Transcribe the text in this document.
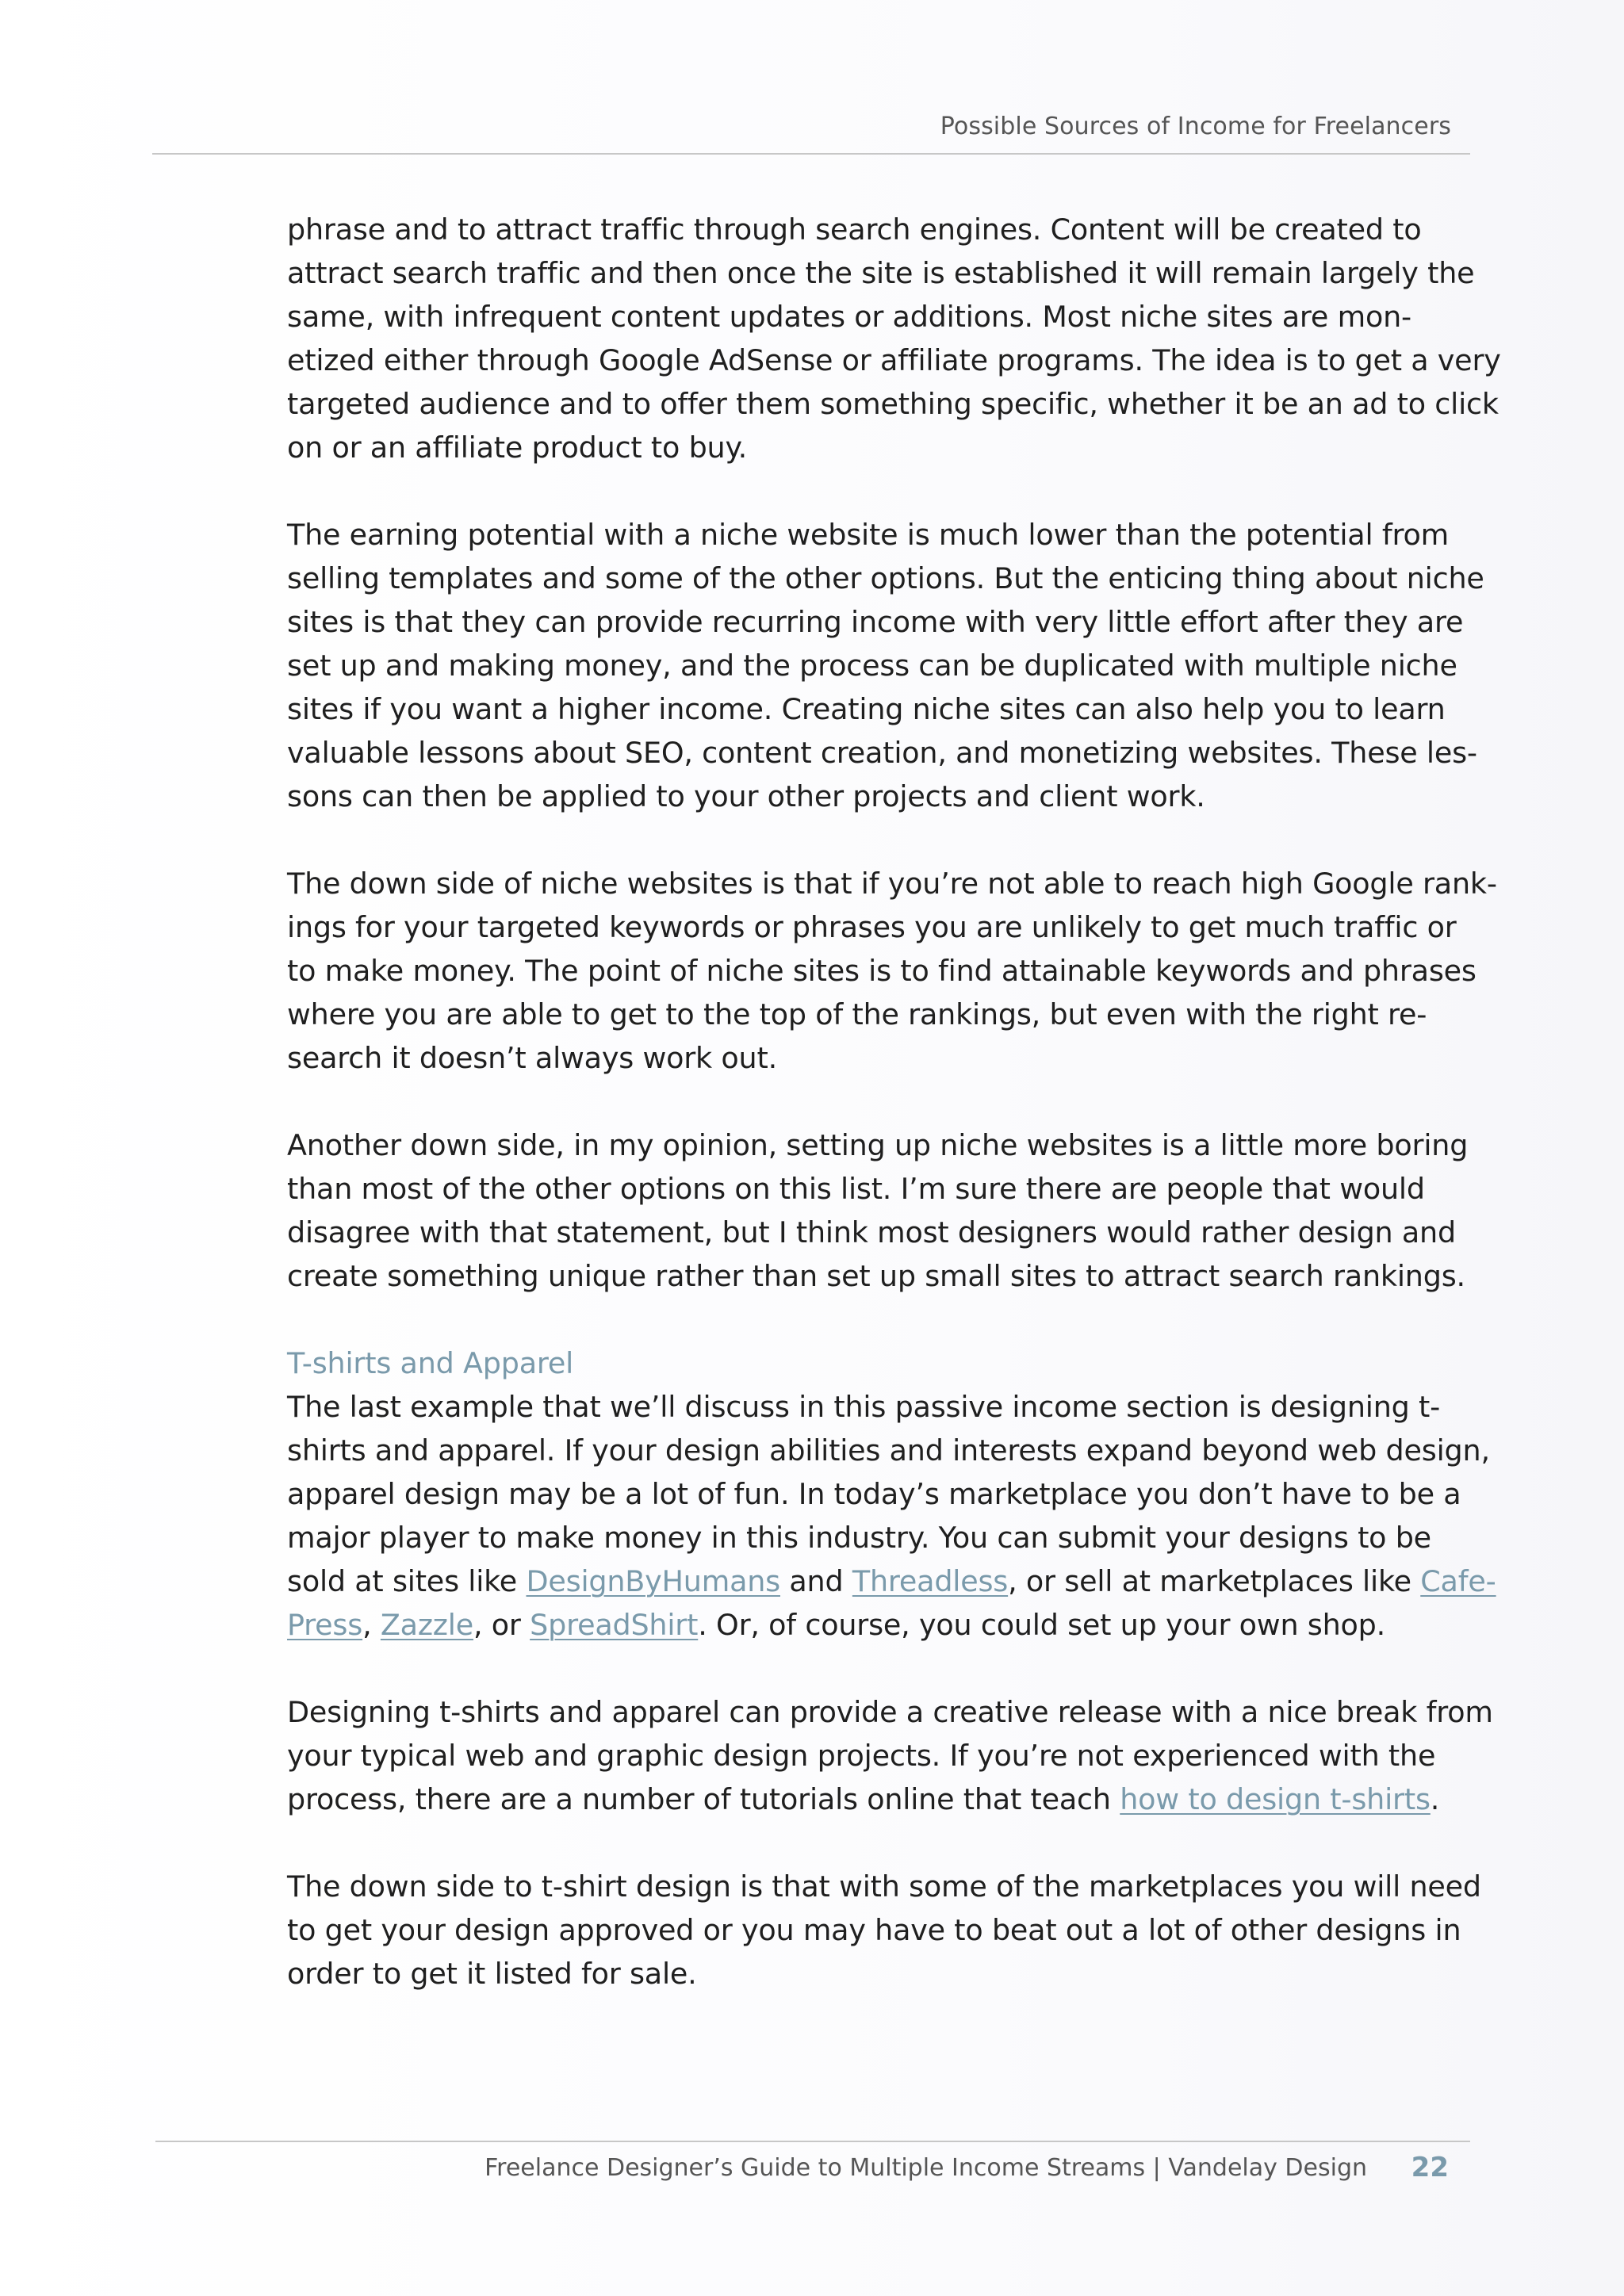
Possible Sources of Income for Freelancers
phrase and to attract traffic through search engines. Content will be created to
attract search traffic and then once the site is established it will remain largely the
same, with infrequent content updates or additions. Most niche sites are mon-
etized either through Google AdSense or affiliate programs. The idea is to get a very
targeted audience and to offer them something specific, whether it be an ad to click
on or an affiliate product to buy.
The earning potential with a niche website is much lower than the potential from
selling templates and some of the other options. But the enticing thing about niche
sites is that they can provide recurring income with very little effort after they are
set up and making money, and the process can be duplicated with multiple niche
sites if you want a higher income. Creating niche sites can also help you to learn
valuable lessons about SEO, content creation, and monetizing websites. These les-
sons can then be applied to your other projects and client work.
The down side of niche websites is that if you’re not able to reach high Google rank-
ings for your targeted keywords or phrases you are unlikely to get much traffic or
to make money. The point of niche sites is to find attainable keywords and phrases
where you are able to get to the top of the rankings, but even with the right re-
search it doesn’t always work out.
Another down side, in my opinion, setting up niche websites is a little more boring
than most of the other options on this list. I’m sure there are people that would
disagree with that statement, but I think most designers would rather design and
create something unique rather than set up small sites to attract search rankings.
T-shirts and Apparel
The last example that we’ll discuss in this passive income section is designing t-
shirts and apparel. If your design abilities and interests expand beyond web design,
apparel design may be a lot of fun. In today’s marketplace you don’t have to be a
major player to make money in this industry. You can submit your designs to be
sold at sites like DesignByHumans and Threadless, or sell at marketplaces like Cafe-
Press, Zazzle, or SpreadShirt. Or, of course, you could set up your own shop.
Designing t-shirts and apparel can provide a creative release with a nice break from
your typical web and graphic design projects. If you’re not experienced with the
process, there are a number of tutorials online that teach how to design t-shirts.
The down side to t-shirt design is that with some of the marketplaces you will need
to get your design approved or you may have to beat out a lot of other designs in
order to get it listed for sale.
Freelance Designer’s Guide to Multiple Income Streams | Vandelay Design 22
